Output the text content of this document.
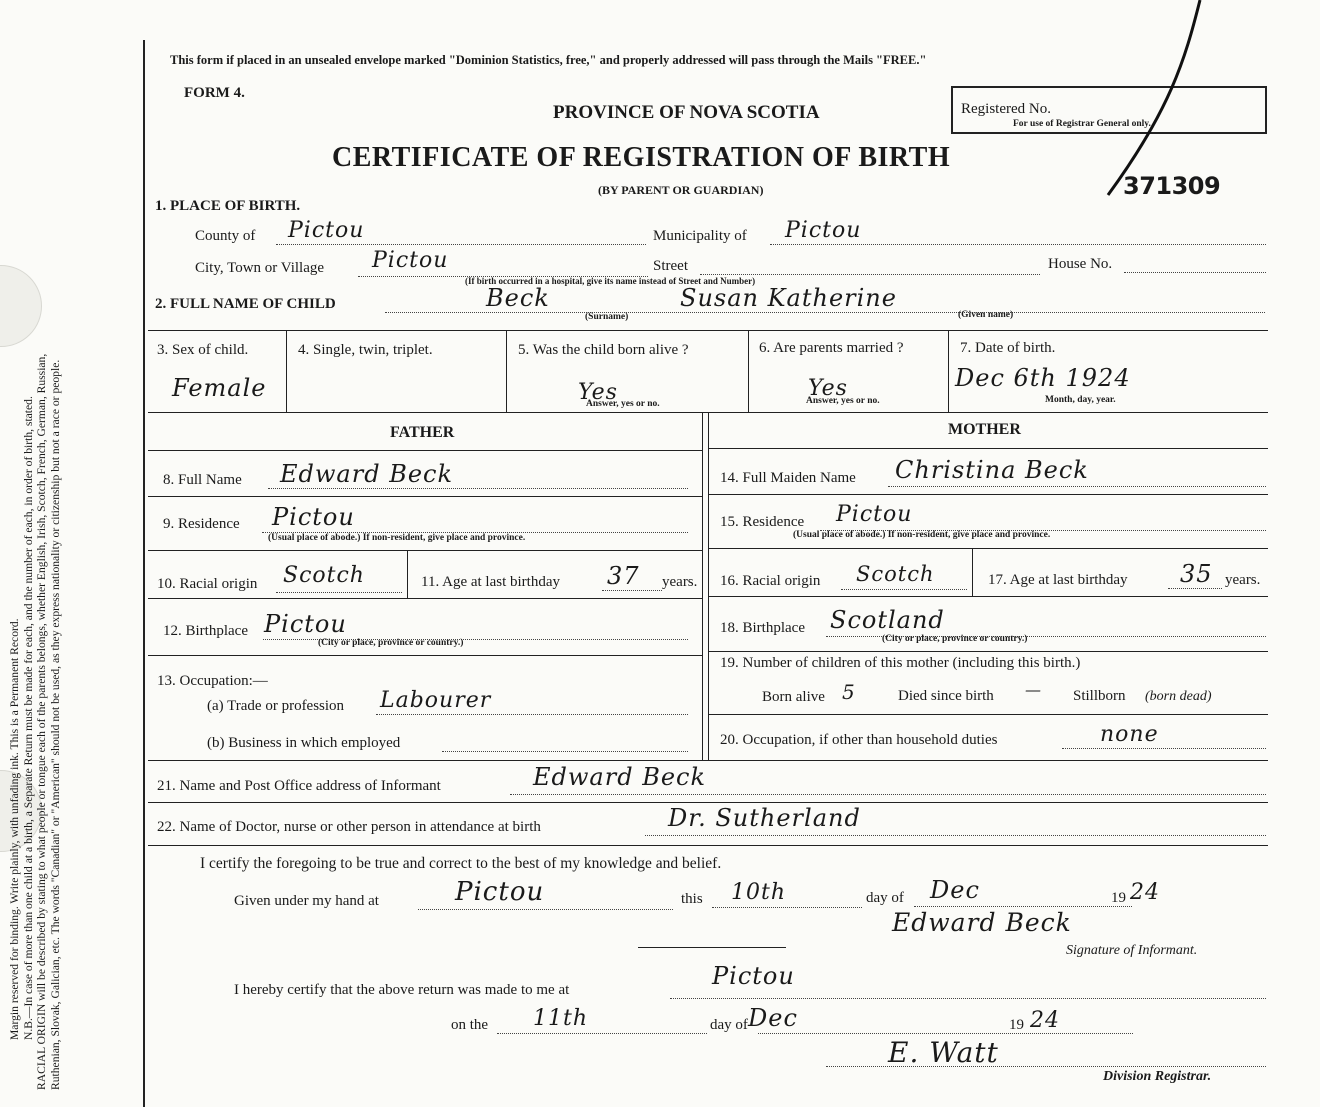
Margin reserved for binding. Write plainly, with unfading ink. This is a Permanent Record. N.B.—In case of more than one child at a birth, a Separate Return must be made for each, and the number of each, in order of birth, stated. RACIAL ORIGIN will be described by stating to what people or tongue each of the parents belongs, whether English, Irish, Scotch, French, German, Russian, Ruthenian, Slovak, Galician, etc. The words "Canadian" or "American" should not be used, as they express nationality or citizenship but not a race or people.
This form if placed in an unsealed envelope marked "Dominion Statistics, free," and properly addressed will pass through the Mails "FREE."
FORM 4.
PROVINCE OF NOVA SCOTIA
CERTIFICATE OF REGISTRATION OF BIRTH
(BY PARENT OR GUARDIAN)
Registered No.
For use of Registrar General only.
371309
1. PLACE OF BIRTH.
County of Pictou	Municipality of Pictou
City, Town or Village Pictou	Street	House No.
(If birth occurred in a hospital, give its name instead of Street and Number)
2. FULL NAME OF CHILD	Beck	Susan Katherine
(Surname)	(Given name)
3. Sex of child.
Female
4. Single, twin, triplet.	5. Was the child born alive ?
Yes
Answer, yes or no.
6. Are parents married ?
Yes
Answer, yes or no.
7. Date of birth.
Dec 6th 1924
Month, day, year.
FATHER	MOTHER
8. Full Name Edward Beck
9. Residence Pictou
(Usual place of abode.) If non-resident, give place and province.
10. Racial origin Scotch	11. Age at last birthday 37 years.
12. Birthplace Pictou
(City or place, province or country.)
13. Occupation:—
(a) Trade or profession Labourer
(b) Business in which employed
14. Full Maiden Name Christina Beck
15. Residence Pictou
(Usual place of abode.) If non-resident, give place and province.
16. Racial origin Scotch	17. Age at last birthday 35 years.
18. Birthplace Scotland
(City or place, province or country.)
19. Number of children of this mother (including this birth.)
Born alive 5	Died since birth — Stillborn (born dead)
20. Occupation, if other than household duties	none
21. Name and Post Office address of Informant	Edward Beck
22. Name of Doctor, nurse or other person in attendance at birth	Dr. Sutherland
I certify the foregoing to be true and correct to the best of my knowledge and belief.
Given under my hand at	Pictou	this 10th	day of Dec	19 24
Edward Beck
Signature of Informant.
I hereby certify that the above return was made to me at	Pictou
on the 11th	day of Dec	19 24
E. Watt
Division Registrar.
